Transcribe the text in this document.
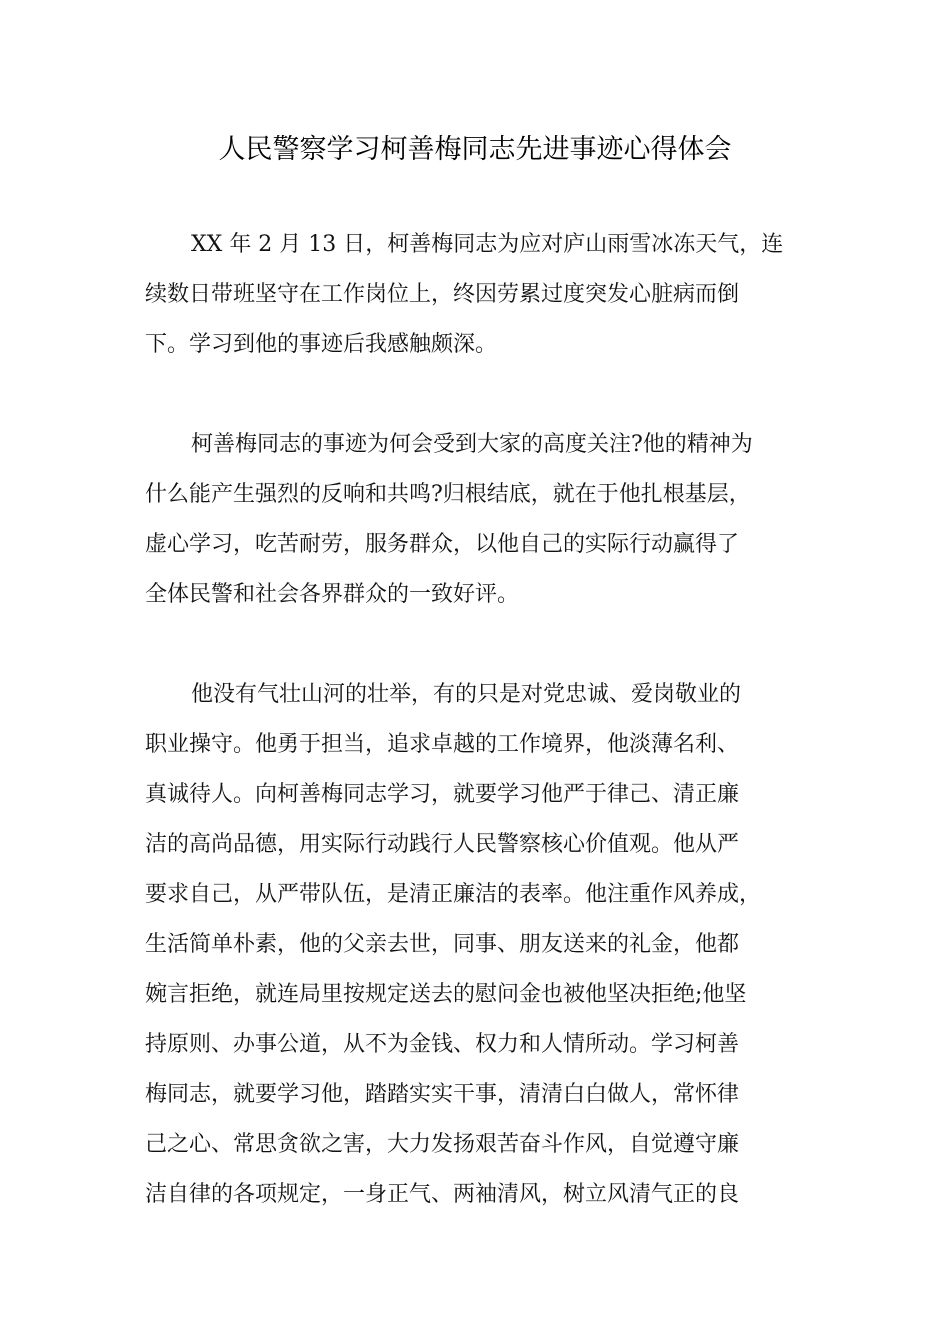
人民警察学习柯善梅同志先进事迹心得体会
XX 年 2 月 13 日，柯善梅同志为应对庐山雨雪冰冻天气，连
续数日带班坚守在工作岗位上，终因劳累过度突发心脏病而倒
下。学习到他的事迹后我感触颇深。
柯善梅同志的事迹为何会受到大家的高度关注?他的精神为
什么能产生强烈的反响和共鸣?归根结底，就在于他扎根基层，
虚心学习，吃苦耐劳，服务群众，以他自己的实际行动赢得了
全体民警和社会各界群众的一致好评。
他没有气壮山河的壮举，有的只是对党忠诚、爱岗敬业的
职业操守。他勇于担当，追求卓越的工作境界，他淡薄名利、
真诚待人。向柯善梅同志学习，就要学习他严于律己、清正廉
洁的高尚品德，用实际行动践行人民警察核心价值观。他从严
要求自己，从严带队伍，是清正廉洁的表率。他注重作风养成，
生活简单朴素，他的父亲去世，同事、朋友送来的礼金，他都
婉言拒绝，就连局里按规定送去的慰问金也被他坚决拒绝;他坚
持原则、办事公道，从不为金钱、权力和人情所动。学习柯善
梅同志，就要学习他，踏踏实实干事，清清白白做人，常怀律
己之心、常思贪欲之害，大力发扬艰苦奋斗作风，自觉遵守廉
洁自律的各项规定，一身正气、两袖清风，树立风清气正的良
